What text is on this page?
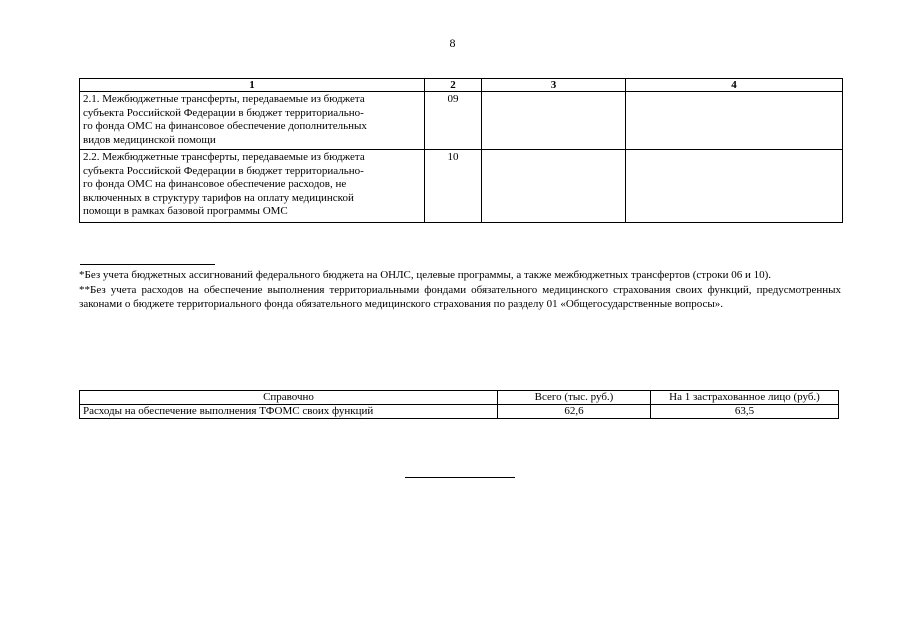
8
1	2	3	4

2.1. Межбюджетные трансферты, передаваемые из бюджета
субъекта Российской Федерации в бюджет территориально-
го фонда ОМС на финансовое обеспечение дополнительных
видов медицинской помощи	09		

2.2. Межбюджетные трансферты, передаваемые из бюджета
субъекта Российской Федерации в бюджет территориально-
го фонда ОМС на финансовое обеспечение расходов, не
включенных в структуру тарифов на оплату медицинской
помощи в рамках базовой программы ОМС	10		

*Без учета бюджетных ассигнований федерального бюджета на ОНЛС, целевые программы, а также межбюджетных трансфертов (строки 06 и 10).

**Без учета расходов на обеспечение выполнения территориальными фондами обязательного медицинского страхования своих функций, предусмотренных законами о бюджете территориального фонда обязательного медицинского страхования по разделу 01 «Общегосударственные вопросы».

Справочно	Всего (тыс. руб.)	На 1 застрахованное лицо (руб.)
Расходы на обеспечение выполнения ТФОМС своих функций	62,6	63,5
